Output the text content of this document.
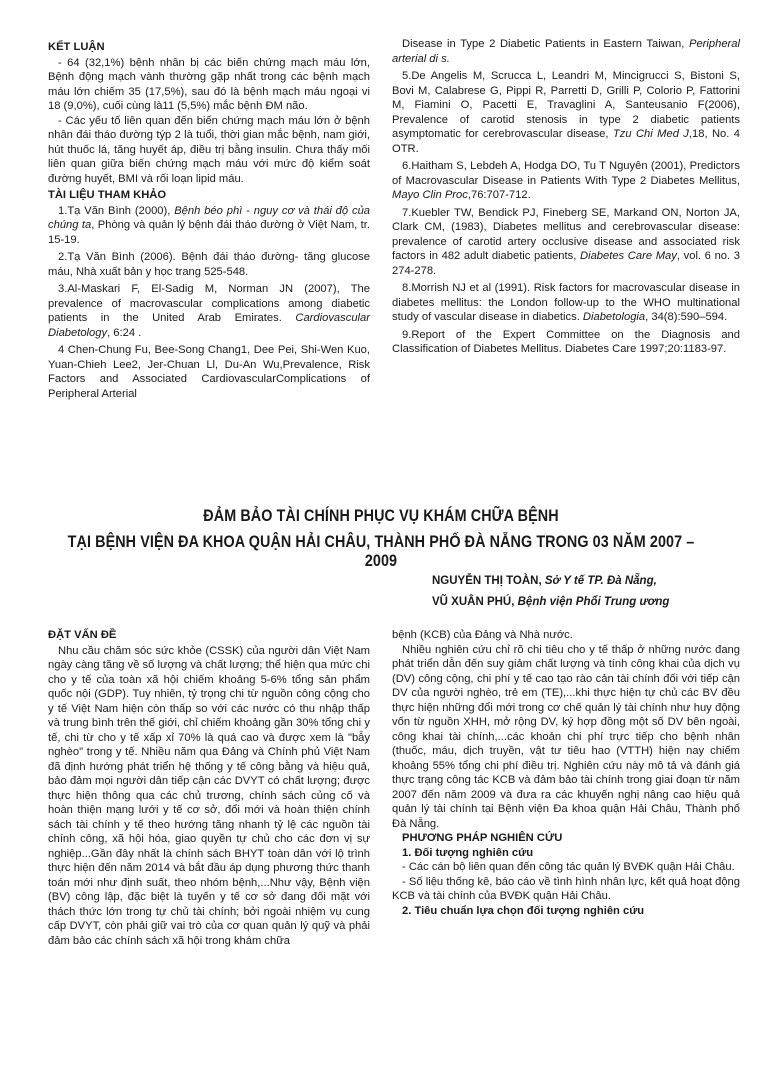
KẾT LUẬN

- 64 (32,1%) bệnh nhân bị các biến chứng mạch máu lớn, Bệnh động mạch vành thường gặp nhất trong các bệnh mạch máu lớn chiếm 35 (17,5%), sau đó là bệnh mạch máu ngoại vi 18 (9,0%), cuối cùng là11 (5,5%) mắc bệnh ĐM não.

- Các yếu tố liên quan đến biến chứng mạch máu lớn ở bệnh nhân đái tháo đường týp 2 là tuổi, thời gian mắc bệnh, nam giới, hút thuốc lá, tăng huyết áp, điều trị bằng insulin. Chưa thấy mối liên quan giữa biến chứng mạch máu với mức độ kiểm soát đường huyết, BMI và rối loạn lipid máu.

TÀI LIỆU THAM KHẢO

1.Tạ Văn Bình (2000), Bệnh béo phì - nguy cơ và thái độ của chúng ta, Phòng và quản lý bệnh đái tháo đường ở Việt Nam, tr. 15-19.

2.Tạ Văn Bình (2006). Bệnh đái tháo đường- tăng glucose máu, Nhà xuất bản y học trang 525-548.

3.Al-Maskari F, El-Sadig M, Norman JN (2007), The prevalence of macrovascular complications among diabetic patients in the United Arab Emirates. Cardiovascular Diabetology, 6:24 .

4 Chen-Chung Fu, Bee-Song Chang1, Dee Pei, Shi-Wen Kuo, Yuan-Chieh Lee2, Jer-Chuan Ll, Du-An Wu,Prevalence, Risk Factors and Associated CardiovascularComplications of Peripheral Arterial

Disease in Type 2 Diabetic Patients in Eastern Taiwan, Peripheral arterial di s.

5.De Angelis M, Scrucca L, Leandri M, Mincigrucci S, Bistoni S, Bovi M, Calabrese G, Pippi R, Parretti D, Grilli P, Colorio P, Fattorini M, Fiamini O, Pacetti E, Travaglini A, Santeusanio F(2006), Prevalence of carotid stenosis in type 2 diabetic patients asymptomatic for cerebrovascular disease, Tzu Chi Med J,18, No. 4 OTR.

6.Haitham S, Lebdeh A, Hodga DO, Tu T Nguyên (2001), Predictors of Macrovascular Disease in Patients With Type 2 Diabetes Mellitus, Mayo Clin Proc,76:707-712.

7.Kuebler TW, Bendick PJ, Fineberg SE, Markand ON, Norton JA, Clark CM, (1983), Diabetes mellitus and cerebrovascular disease: prevalence of carotid artery occlusive disease and associated risk factors in 482 adult diabetic patients, Diabetes Care May, vol. 6 no. 3 274-278.

8.Morrish NJ et al (1991). Risk factors for macrovascular disease in diabetes mellitus: the London follow-up to the WHO multinational study of vascular disease in diabetics. Diabetologia, 34(8):590–594.

9.Report of the Expert Committee on the Diagnosis and Classification of Diabetes Mellitus. Diabetes Care 1997;20:1183-97.

ĐẢM BẢO TÀI CHÍNH PHỤC VỤ KHÁM CHỮA BỆNH
TẠI BỆNH VIỆN ĐA KHOA QUẬN HẢI CHÂU, THÀNH PHỐ ĐÀ NẴNG TRONG 03 NĂM 2007 – 2009
NGUYỄN THỊ TOÀN, Sở Y tế TP. Đà Nẵng,
VŨ XUÂN PHÚ, Bệnh viện Phổi Trung ương

ĐẶT VẤN ĐỀ

Nhu cầu chăm sóc sức khỏe (CSSK) của người dân Việt Nam ngày càng tăng về số lượng và chất lượng; thể hiện qua mức chi cho y tế của toàn xã hội chiếm khoảng 5-6% tổng sản phẩm quốc nội (GDP). Tuy nhiên, tỷ trọng chi từ nguồn công cộng cho y tế Việt Nam hiện còn thấp so với các nước có thu nhập thấp và trung bình trên thế giới, chỉ chiếm khoảng gần 30% tổng chi y tế, chi từ cho y tế xấp xỉ 70% là quá cao và được xem là "bẫy nghèo" trong y tế. Nhiều năm qua Đảng và Chính phủ Việt Nam đã định hướng phát triển hệ thống y tế công bằng và hiệu quả, bảo đảm mọi người dân tiếp cận các DVYT có chất lượng; được thực hiện thông qua các chủ trương, chính sách củng cố và hoàn thiện mạng lưới y tế cơ sở, đổi mới và hoàn thiện chính sách tài chính y tế theo hướng tăng nhanh tỷ lệ các nguồn tài chính công, xã hội hóa, giao quyền tự chủ cho các đơn vị sự nghiệp...Gần đây nhất là chính sách BHYT toàn dân với lộ trình thực hiện đến năm 2014 và bắt đầu áp dụng phương thức thanh toán mới như định suất, theo nhóm bệnh,...Như vậy, Bệnh viện (BV) công lập, đặc biệt là tuyến y tế cơ sở đang đối mặt với thách thức lớn trong tự chủ tài chính; bởi ngoài nhiệm vụ cung cấp DVYT, còn phải giữ vai trò của cơ quan quản lý quỹ và phải đảm bảo các chính sách xã hội trong khám chữa

bệnh (KCB) của Đảng và Nhà nước.

Nhiều nghiên cứu chỉ rõ chi tiêu cho y tế thấp ở những nước đang phát triển dẫn đến suy giảm chất lượng và tính công khai của dịch vụ (DV) công cộng, chi phí y tế cao tạo rào cản tài chính đối với tiếp cận DV của người nghèo, trẻ em (TE),...khi thực hiện tự chủ các BV đều thực hiện những đổi mới trong cơ chế quản lý tài chính như huy động vốn từ nguồn XHH, mở rộng DV, ký hợp đồng một số DV bên ngoài, công khai tài chính,...các khoản chi phí trực tiếp cho bệnh nhân (thuốc, máu, dịch truyền, vật tư tiêu hao (VTTH) hiện nay chiếm khoảng 55% tổng chi phí điều trị. Nghiên cứu này mô tả và đánh giá thực trạng công tác KCB và đảm bảo tài chính trong giai đoạn từ năm 2007 đến năm 2009 và đưa ra các khuyến nghị nâng cao hiệu quả quản lý tài chính tại Bệnh viện Đa khoa quận Hải Châu, Thành phố Đà Nẵng.

PHƯƠNG PHÁP NGHIÊN CỨU

1. Đối tượng nghiên cứu

- Các cán bộ liên quan đến công tác quản lý BVĐK quận Hải Châu.

- Số liệu thống kê, báo cáo về tình hình nhân lực, kết quả hoạt động KCB và tài chính của BVĐK quận Hải Châu.

2. Tiêu chuẩn lựa chọn đối tượng nghiên cứu
